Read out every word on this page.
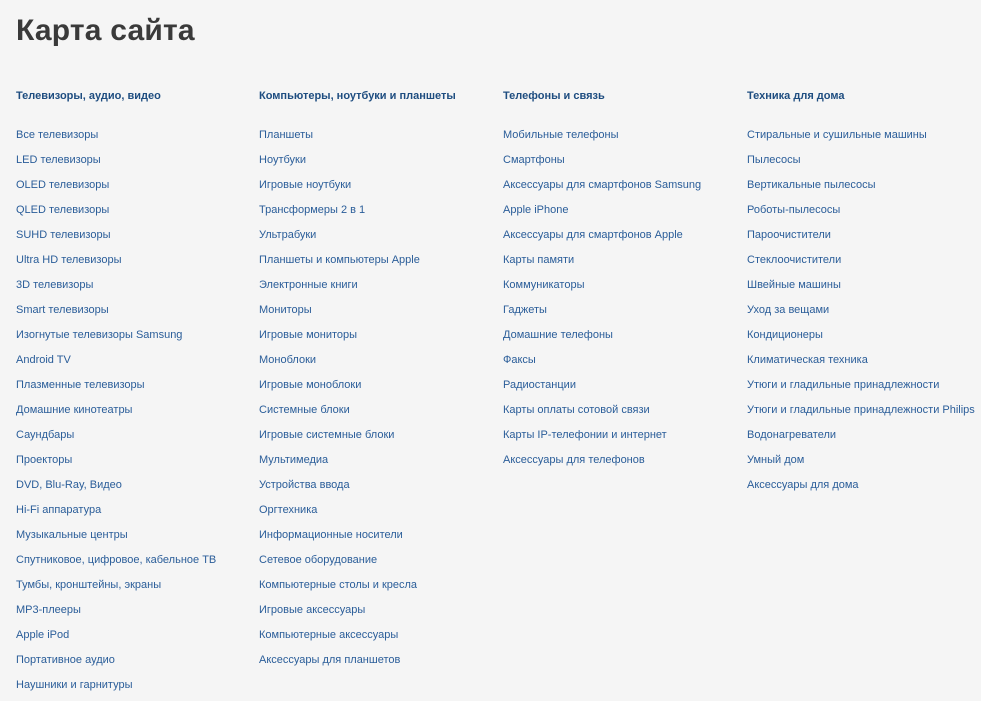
Карта сайта
Телевизоры, аудио, видео
Все телевизоры
LED телевизоры
OLED телевизоры
QLED телевизоры
SUHD телевизоры
Ultra HD телевизоры
3D телевизоры
Smart телевизоры
Изогнутые телевизоры Samsung
Android TV
Плазменные телевизоры
Домашние кинотеатры
Саундбары
Проекторы
DVD, Blu-Ray, Видео
Hi-Fi аппаратура
Музыкальные центры
Спутниковое, цифровое, кабельное ТВ
Тумбы, кронштейны, экраны
MP3-плееры
Apple iPod
Портативное аудио
Наушники и гарнитуры
Компьютеры, ноутбуки и планшеты
Планшеты
Ноутбуки
Игровые ноутбуки
Трансформеры 2 в 1
Ультрабуки
Планшеты и компьютеры Apple
Электронные книги
Мониторы
Игровые мониторы
Моноблоки
Игровые моноблоки
Системные блоки
Игровые системные блоки
Мультимедиа
Устройства ввода
Оргтехника
Информационные носители
Сетевое оборудование
Компьютерные столы и кресла
Игровые аксессуары
Компьютерные аксессуары
Аксессуары для планшетов
Телефоны и связь
Мобильные телефоны
Смартфоны
Аксессуары для смартфонов Samsung
Apple iPhone
Аксессуары для смартфонов Apple
Карты памяти
Коммуникаторы
Гаджеты
Домашние телефоны
Факсы
Радиостанции
Карты оплаты сотовой связи
Карты IP-телефонии и интернет
Аксессуары для телефонов
Техника для дома
Стиральные и сушильные машины
Пылесосы
Вертикальные пылесосы
Роботы-пылесосы
Пароочистители
Стеклоочистители
Швейные машины
Уход за вещами
Кондиционеры
Климатическая техника
Утюги и гладильные принадлежности
Утюги и гладильные принадлежности Philips
Водонагреватели
Умный дом
Аксессуары для дома
